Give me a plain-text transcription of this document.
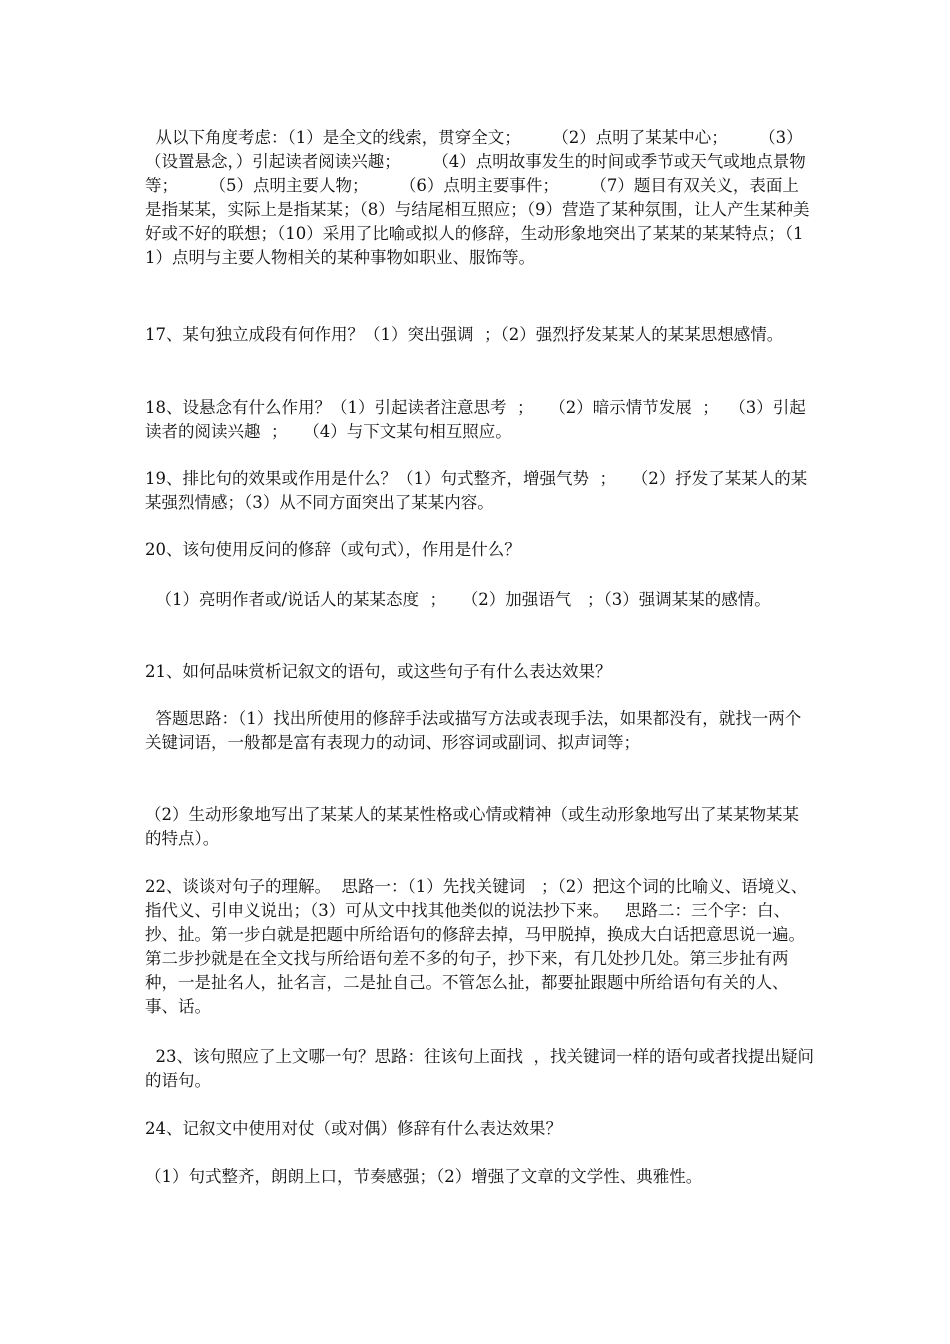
从以下角度考虑：（1）是全文的线索，贯穿全文；      （2）点明了某某中心；      （3）（设置悬念，）引起读者阅读兴趣；      （4）点明故事发生的时间或季节或天气或地点景物等；      （5）点明主要人物；      （6）点明主要事件；      （7）题目有双关义，表面上是指某某，实际上是指某某；（8）与结尾相互照应；（9）营造了某种氛围，让人产生某种美好或不好的联想；（10）采用了比喻或拟人的修辞，生动形象地突出了某某的某某特点；（11）点明与主要人物相关的某种事物如职业、服饰等。

17、某句独立成段有何作用？（1）突出强调  ；（2）强烈抒发某某人的某某思想感情。

18、设悬念有什么作用？（1）引起读者注意思考  ；   （2）暗示情节发展  ；  （3）引起读者的阅读兴趣  ；   （4）与下文某句相互照应。

19、排比句的效果或作用是什么？（1）句式整齐，增强气势  ；   （2）抒发了某某人的某某强烈情感；（3）从不同方面突出了某某内容。

20、该句使用反问的修辞（或句式），作用是什么？

（1）亮明作者或/说话人的某某态度  ；   （2）加强语气   ；（3）强调某某的感情。

21、如何品味赏析记叙文的语句，或这些句子有什么表达效果？

答题思路：（1）找出所使用的修辞手法或描写方法或表现手法，如果都没有，就找一两个关键词语，一般都是富有表现力的动词、形容词或副词、拟声词等；

（2）生动形象地写出了某某人的某某性格或心情或精神（或生动形象地写出了某某物某某的特点）。

22、谈谈对句子的理解。  思路一：（1）先找关键词   ；（2）把这个词的比喻义、语境义、指代义、引申义说出；（3）可从文中找其他类似的说法抄下来。   思路二：三个字：白、抄、扯。第一步白就是把题中所给语句的修辞去掉，马甲脱掉，换成大白话把意思说一遍。第二步抄就是在全文找与所给语句差不多的句子，抄下来，有几处抄几处。第三步扯有两种，一是扯名人，扯名言，二是扯自己。不管怎么扯，都要扯跟题中所给语句有关的人、事、话。

23、该句照应了上文哪一句？思路：往该句上面找  ，找关键词一样的语句或者找提出疑问的语句。

24、记叙文中使用对仗（或对偶）修辞有什么表达效果？

（1）句式整齐，朗朗上口，节奏感强；（2）增强了文章的文学性、典雅性。
